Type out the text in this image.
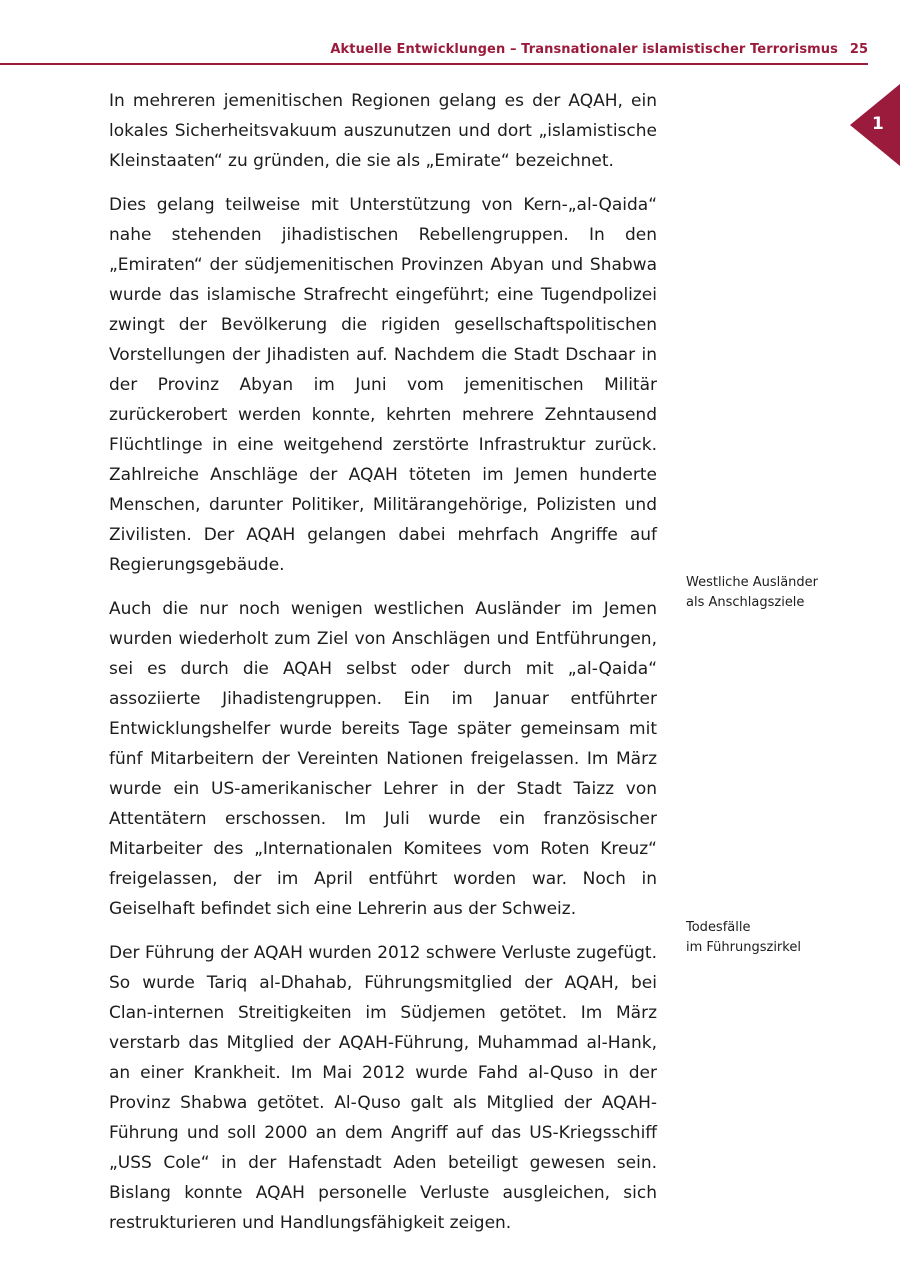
Aktuelle Entwicklungen – Transnationaler islamistischer Terrorismus 25
1

In mehreren jemenitischen Regionen gelang es der AQAH, ein lokales Sicherheitsvakuum auszunutzen und dort „islamistische Kleinstaaten“ zu gründen, die sie als „Emirate“ bezeichnet.

Dies gelang teilweise mit Unterstützung von Kern-„al-Qaida“ nahe stehenden jihadistischen Rebellengruppen. In den „Emiraten“ der südjemenitischen Provinzen Abyan und Shabwa wurde das islamische Strafrecht eingeführt; eine Tugendpolizei zwingt der Bevölkerung die rigiden gesellschaftspolitischen Vorstellungen der Jihadisten auf. Nachdem die Stadt Dschaar in der Provinz Abyan im Juni vom jemenitischen Militär zurückerobert werden konnte, kehrten mehrere Zehntausend Flüchtlinge in eine weitgehend zerstörte Infrastruktur zurück. Zahlreiche Anschläge der AQAH töteten im Jemen hunderte Menschen, darunter Politiker, Militärangehörige, Polizisten und Zivilisten. Der AQAH gelangen dabei mehrfach Angriffe auf Regierungsgebäude.

Auch die nur noch wenigen westlichen Ausländer im Jemen wurden wiederholt zum Ziel von Anschlägen und Entführungen, sei es durch die AQAH selbst oder durch mit „al-Qaida“ assoziierte Jihadistengruppen. Ein im Januar entführter Entwicklungshelfer wurde bereits Tage später gemeinsam mit fünf Mitarbeitern der Vereinten Nationen freigelassen. Im März wurde ein US-amerikanischer Lehrer in der Stadt Taizz von Attentätern erschossen. Im Juli wurde ein französischer Mitarbeiter des „Internationalen Komitees vom Roten Kreuz“ freigelassen, der im April entführt worden war. Noch in Geiselhaft befindet sich eine Lehrerin aus der Schweiz.

Der Führung der AQAH wurden 2012 schwere Verluste zugefügt. So wurde Tariq al-Dhahab, Führungsmitglied der AQAH, bei Clan-internen Streitigkeiten im Südjemen getötet. Im März verstarb das Mitglied der AQAH-Führung, Muhammad al-Hank, an einer Krankheit. Im Mai 2012 wurde Fahd al-Quso in der Provinz Shabwa getötet. Al-Quso galt als Mitglied der AQAH-Führung und soll 2000 an dem Angriff auf das US-Kriegsschiff „USS Cole“ in der Hafenstadt Aden beteiligt gewesen sein. Bislang konnte AQAH personelle Verluste ausgleichen, sich restrukturieren und Handlungsfähigkeit zeigen.

Westliche Ausländer
als Anschlagsziele
Todesfälle
im Führungszirkel
